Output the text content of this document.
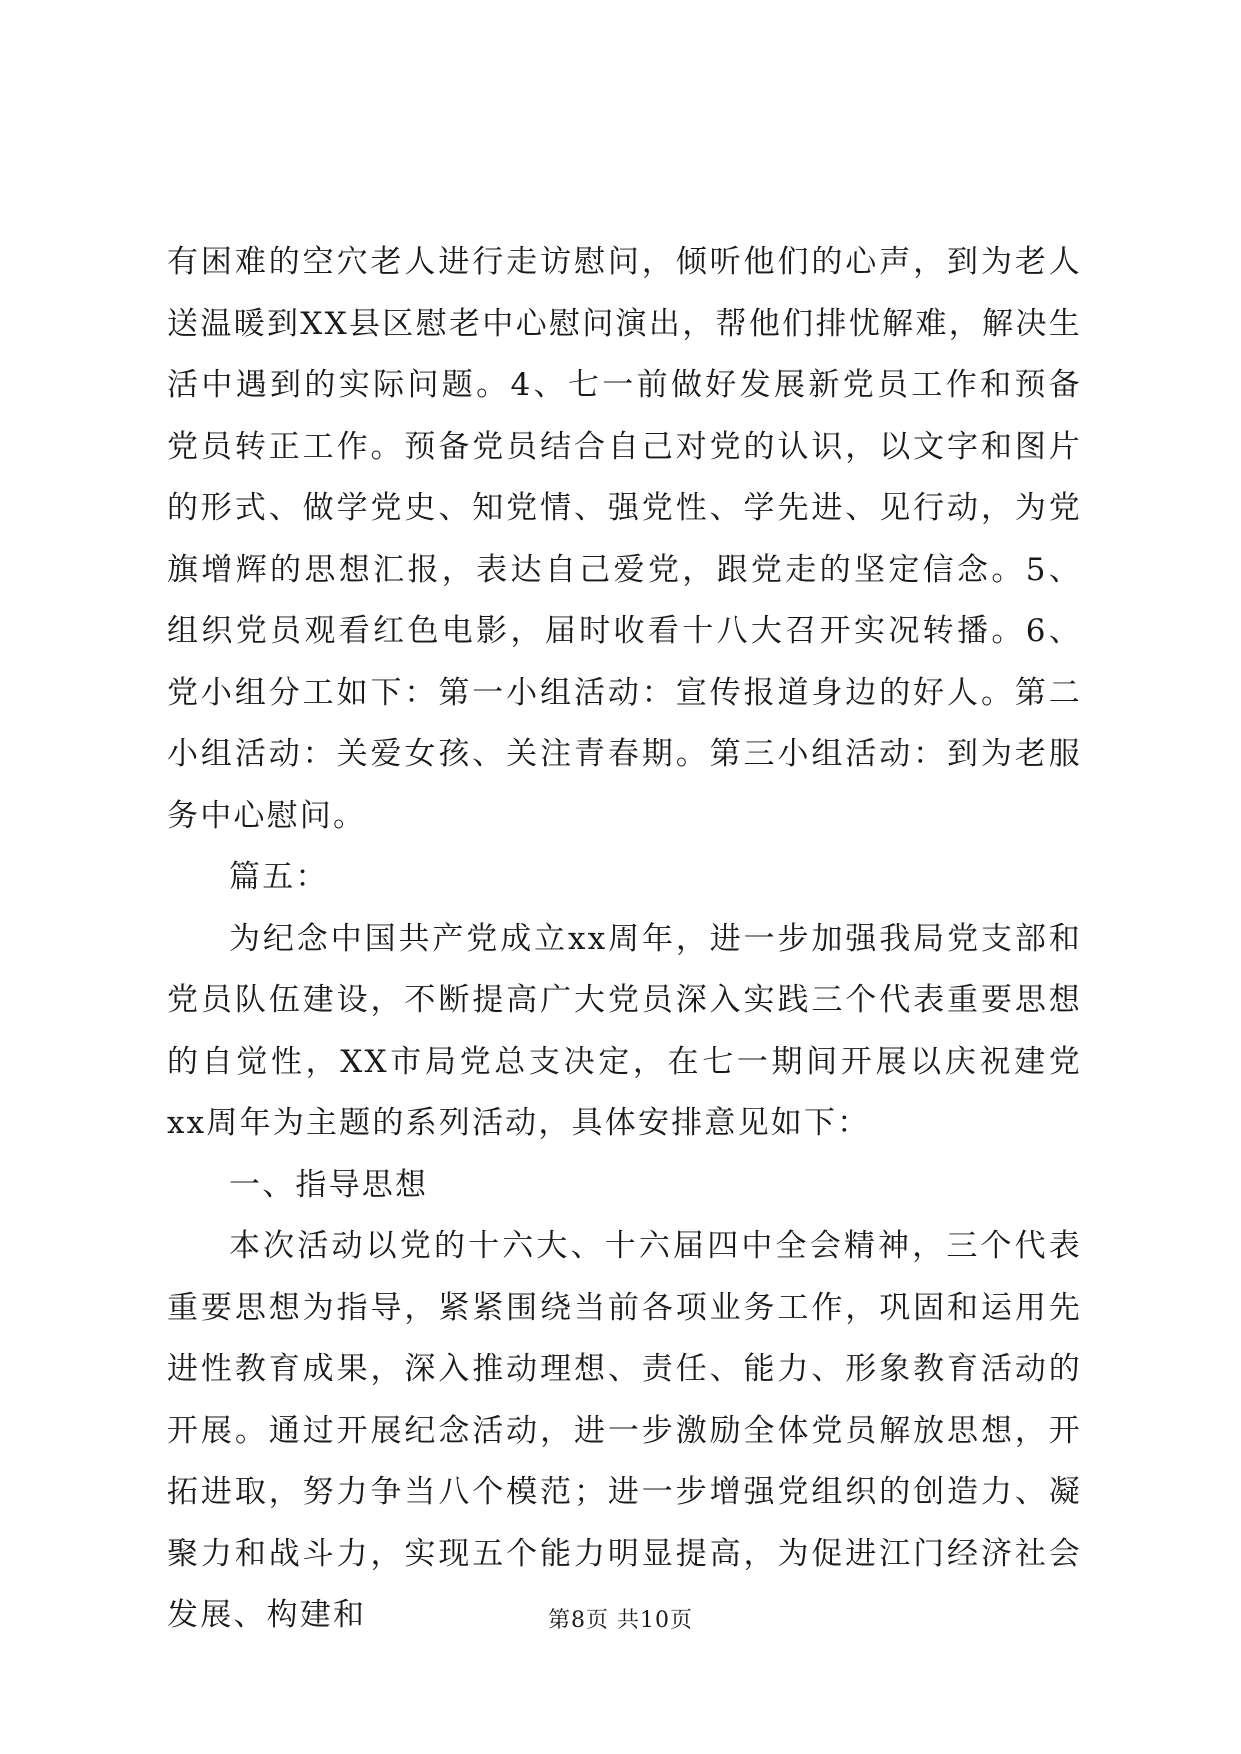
有困难的空穴老人进行走访慰问，倾听他们的心声，到为老人送温暖到XX县区慰老中心慰问演出，帮他们排忧解难，解决生活中遇到的实际问题。4、七一前做好发展新党员工作和预备党员转正工作。预备党员结合自己对党的认识，以文字和图片的形式、做学党史、知党情、强党性、学先进、见行动，为党旗增辉的思想汇报，表达自己爱党，跟党走的坚定信念。5、组织党员观看红色电影，届时收看十八大召开实况转播。6、党小组分工如下：第一小组活动：宣传报道身边的好人。第二小组活动：关爱女孩、关注青春期。第三小组活动：到为老服务中心慰问。

篇五：

为纪念中国共产党成立xx周年，进一步加强我局党支部和党员队伍建设，不断提高广大党员深入实践三个代表重要思想的自觉性，XX市局党总支决定，在七一期间开展以庆祝建党xx周年为主题的系列活动，具体安排意见如下：

一、指导思想

本次活动以党的十六大、十六届四中全会精神，三个代表重要思想为指导，紧紧围绕当前各项业务工作，巩固和运用先进性教育成果，深入推动理想、责任、能力、形象教育活动的开展。通过开展纪念活动，进一步激励全体党员解放思想，开拓进取，努力争当八个模范；进一步增强党组织的创造力、凝聚力和战斗力，实现五个能力明显提高，为促进江门经济社会发展、构建和	第8页 共10页
